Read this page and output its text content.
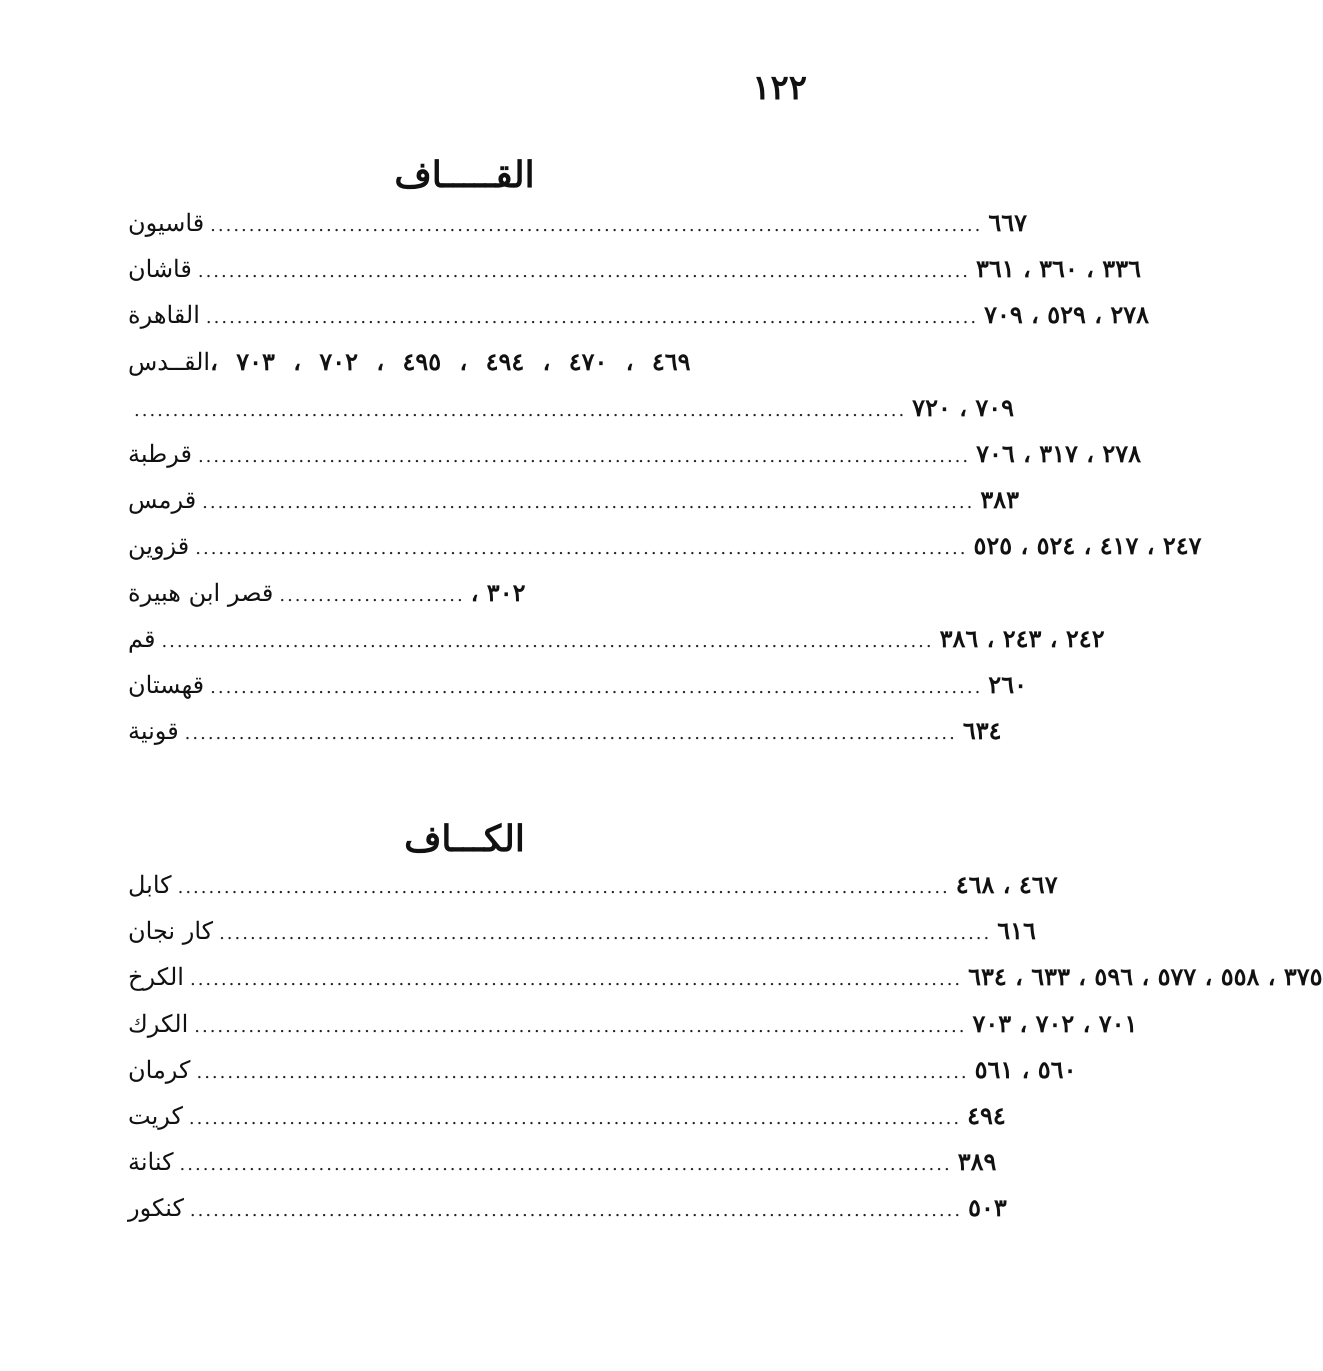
١٢٢
القـــــاف
قاسيون .................................................................................................... ٦٦٧
قاشان .................................................................................................... ٣٣٦ ، ٣٦٠ ، ٣٦١
القاهرة .................................................................................................... ٢٧٨ ، ٥٢٩ ، ٧٠٩
القــدس ٤٦٩ ، ٤٧٠ ، ٤٩٤ ، ٤٩٥ ، ٧٠٢ ، ٧٠٣ ،
.................................................................................................... ٧٠٩ ، ٧٢٠
قرطبة .................................................................................................... ٢٧٨ ، ٣١٧ ، ٧٠٦
قرمس .................................................................................................... ٣٨٣
قزوين .................................................................................................... ٢٤٧ ، ٤١٧ ، ٥٢٤ ، ٥٢٥
قصر ابن هبيرة ........................ ٣٠٢ ،
قم .................................................................................................... ٢٤٢ ، ٢٤٣ ، ٣٨٦
قهستان .................................................................................................... ٢٦٠
قونية .................................................................................................... ٦٣٤
الكـــاف
كابل .................................................................................................... ٤٦٧ ، ٤٦٨
كار نجان .................................................................................................... ٦١٦
الكرخ .................................................................................................... ٣٧٥ ، ٥٥٨ ، ٥٧٧ ، ٥٩٦ ، ٦٣٣ ، ٦٣٤
الكرك .................................................................................................... ٧٠١ ، ٧٠٢ ، ٧٠٣
كرمان .................................................................................................... ٥٦٠ ، ٥٦١
كريت .................................................................................................... ٤٩٤
كنانة .................................................................................................... ٣٨٩
كنكور .................................................................................................... ٥٠٣
